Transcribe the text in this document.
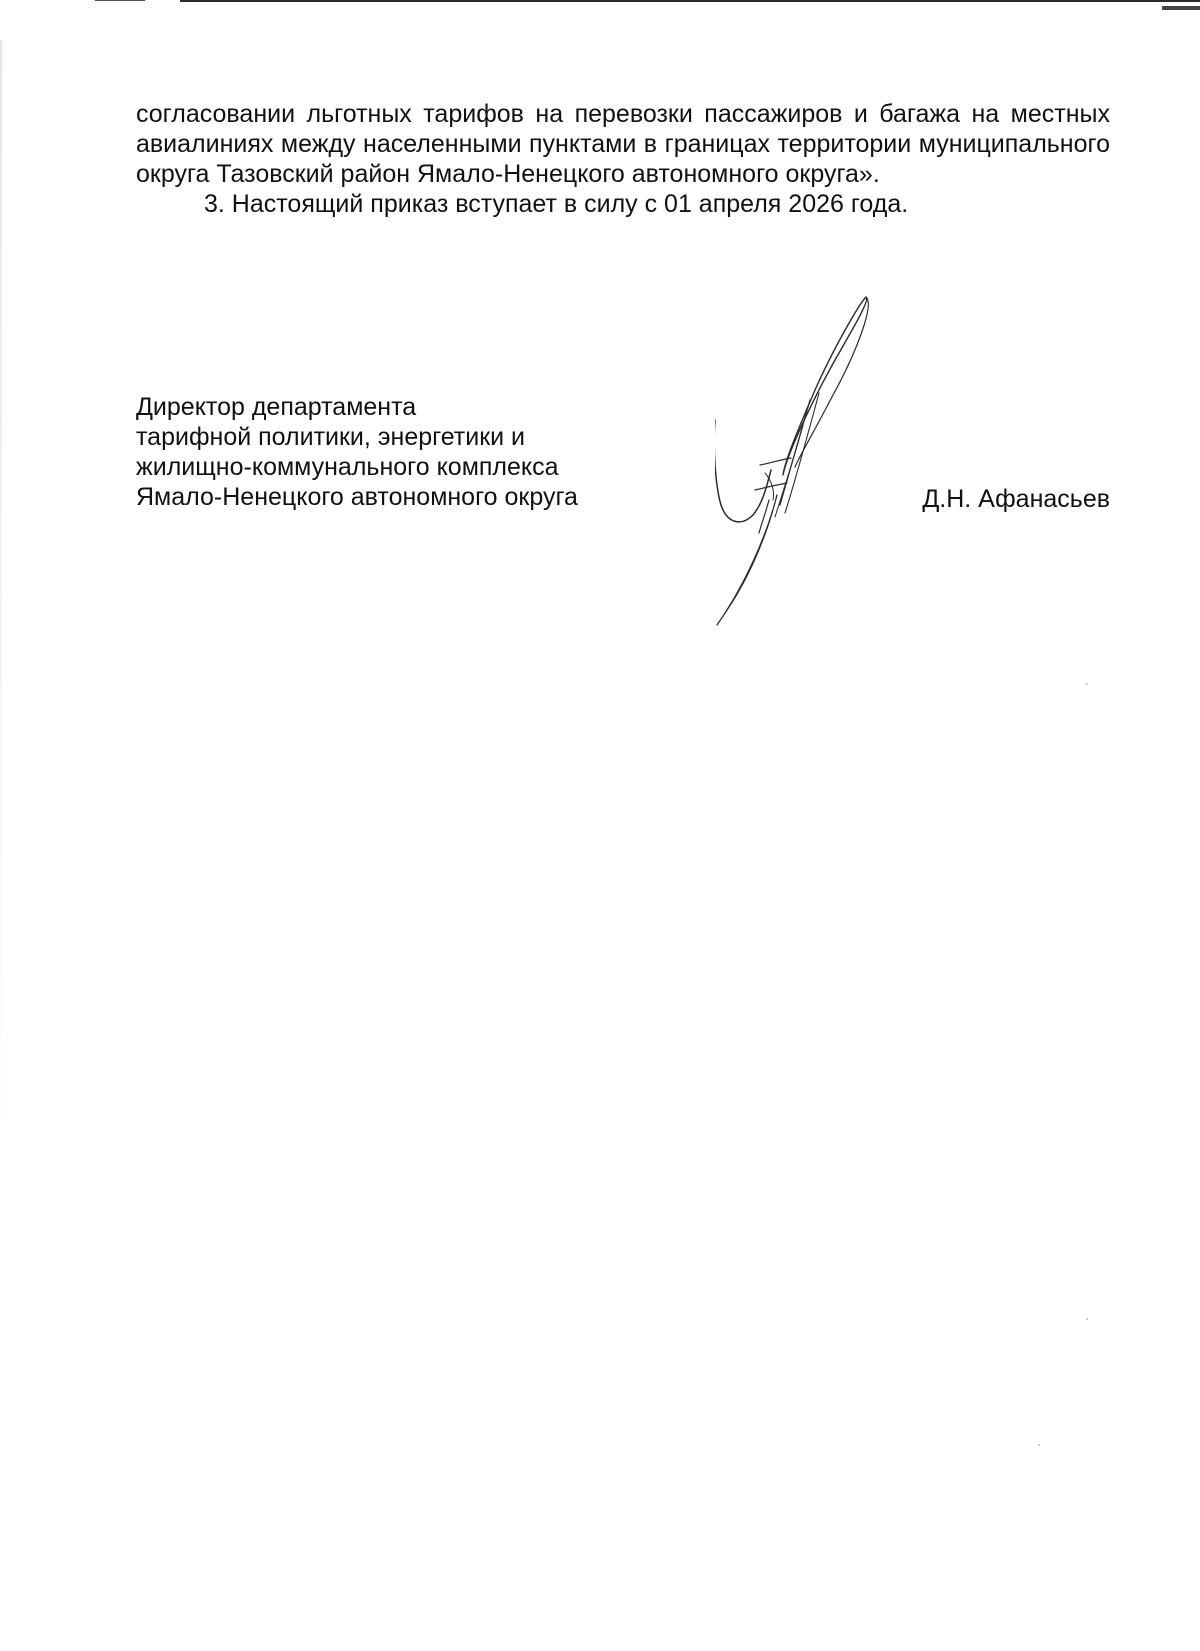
согласовании льготных тарифов на перевозки пассажиров и багажа на местных авиалиниях между населенными пунктами в границах территории муниципального округа Тазовский район Ямало-Ненецкого автономного округа».

3. Настоящий приказ вступает в силу с 01 апреля 2026 года.

Директор департамента
тарифной политики, энергетики и
жилищно-коммунального комплекса
Ямало-Ненецкого автономного округа	Д.Н. Афанасьев
